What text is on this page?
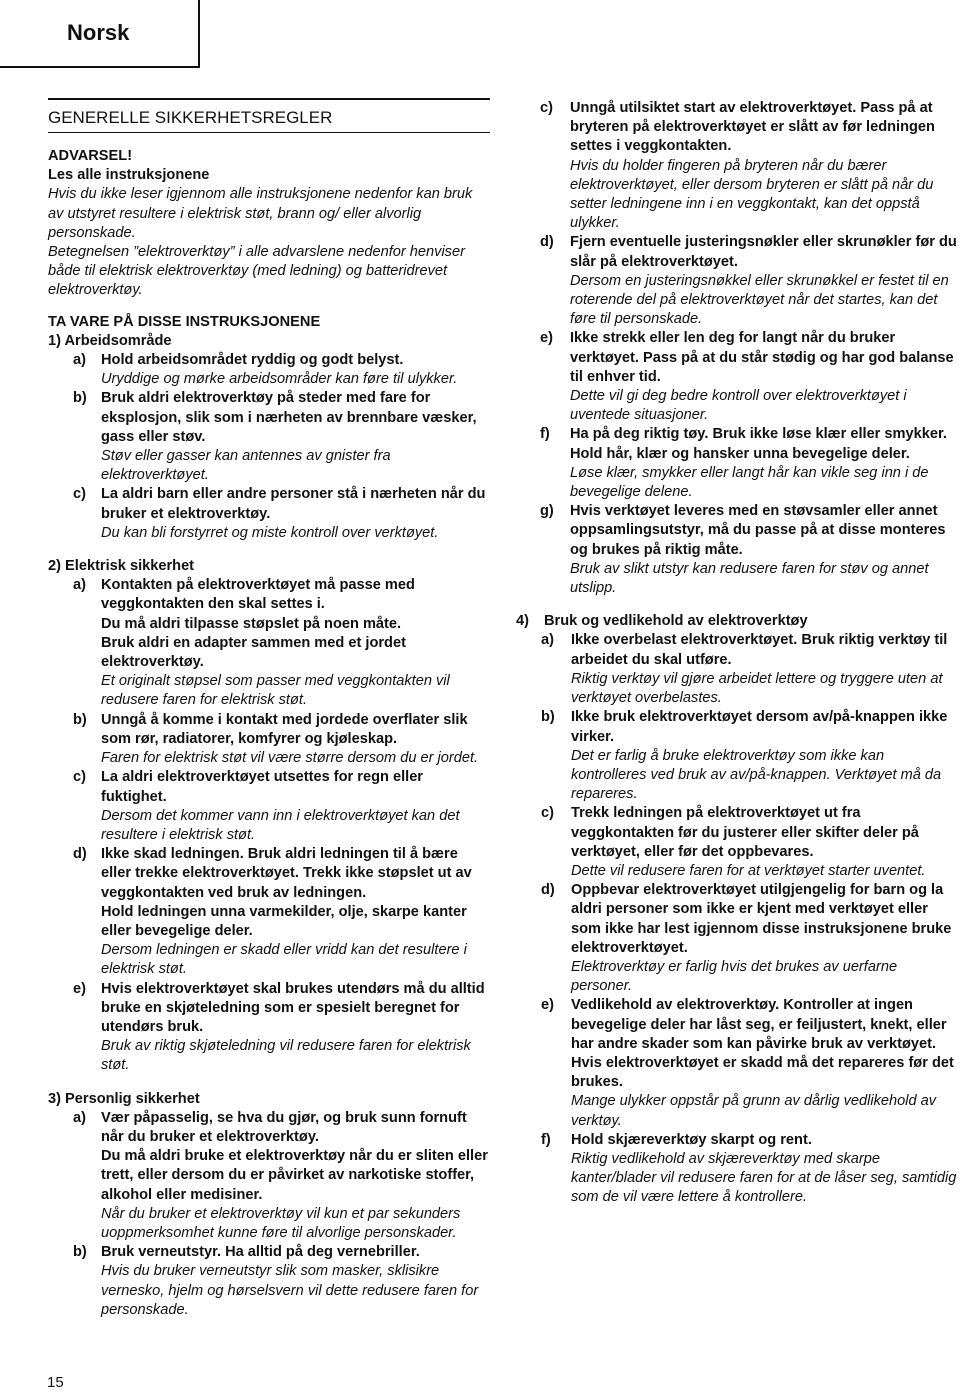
Norsk
GENERELLE SIKKERHETSREGLER

ADVARSEL!

Les alle instruksjonene

Hvis du ikke leser igjennom alle instruksjonene nedenfor kan bruk av utstyret resultere i elektrisk støt, brann og/ eller alvorlig personskade.

Betegnelsen ”elektroverktøy” i alle advarslene nedenfor henviser både til elektrisk elektroverktøy (med ledning) og batteridrevet elektroverktøy.

TA VARE PÅ DISSE INSTRUKSJONENE

1) Arbeidsområde

a) Hold arbeidsområdet ryddig og godt belyst.

Uryddige og mørke arbeidsområder kan føre til ulykker.

b) Bruk aldri elektroverktøy på steder med fare for eksplosjon, slik som i nærheten av brennbare væsker, gass eller støv.

Støv eller gasser kan antennes av gnister fra elektroverktøyet.

c) La aldri barn eller andre personer stå i nærheten når du bruker et elektroverktøy.

Du kan bli forstyrret og miste kontroll over verktøyet.

2) Elektrisk sikkerhet

a) Kontakten på elektroverktøyet må passe med veggkontakten den skal settes i.

Du må aldri tilpasse støpslet på noen måte.

Bruk aldri en adapter sammen med et jordet elektroverktøy.

Et originalt støpsel som passer med veggkontakten vil redusere faren for elektrisk støt.

b) Unngå å komme i kontakt med jordede overflater slik som rør, radiatorer, komfyrer og kjøleskap.

Faren for elektrisk støt vil være større dersom du er jordet.

c) La aldri elektroverktøyet utsettes for regn eller fuktighet.

Dersom det kommer vann inn i elektroverktøyet kan det resultere i elektrisk støt.

d) Ikke skad ledningen. Bruk aldri ledningen til å bære eller trekke elektroverktøyet. Trekk ikke støpslet ut av veggkontakten ved bruk av ledningen.

Hold ledningen unna varmekilder, olje, skarpe kanter eller bevegelige deler.

Dersom ledningen er skadd eller vridd kan det resultere i elektrisk støt.

e) Hvis elektroverktøyet skal brukes utendørs må du alltid bruke en skjøteledning som er spesielt beregnet for utendørs bruk.

Bruk av riktig skjøteledning vil redusere faren for elektrisk støt.

3) Personlig sikkerhet

a) Vær påpasselig, se hva du gjør, og bruk sunn fornuft når du bruker et elektroverktøy.

Du må aldri bruke et elektroverktøy når du er sliten eller trett, eller dersom du er påvirket av narkotiske stoffer, alkohol eller medisiner.

Når du bruker et elektroverktøy vil kun et par sekunders uoppmerksomhet kunne føre til alvorlige personskader.

b) Bruk verneutstyr. Ha alltid på deg vernebriller.

Hvis du bruker verneutstyr slik som masker, sklisikre vernesko, hjelm og hørselsvern vil dette redusere faren for personskade.

c) Unngå utilsiktet start av elektroverktøyet. Pass på at bryteren på elektroverktøyet er slått av før ledningen settes i veggkontakten.

Hvis du holder fingeren på bryteren når du bærer elektroverktøyet, eller dersom bryteren er slått på når du setter ledningene inn i en veggkontakt, kan det oppstå ulykker.

d) Fjern eventuelle justeringsnøkler eller skrunøkler før du slår på elektroverktøyet.

Dersom en justeringsnøkkel eller skrunøkkel er festet til en roterende del på elektroverktøyet når det startes, kan det føre til personskade.

e) Ikke strekk eller len deg for langt når du bruker verktøyet. Pass på at du står stødig og har god balanse til enhver tid.

Dette vil gi deg bedre kontroll over elektroverktøyet i uventede situasjoner.

f) Ha på deg riktig tøy. Bruk ikke løse klær eller smykker. Hold hår, klær og hansker unna bevegelige deler.

Løse klær, smykker eller langt hår kan vikle seg inn i de bevegelige delene.

g) Hvis verktøyet leveres med en støvsamler eller annet oppsamlingsutstyr, må du passe på at disse monteres og brukes på riktig måte.

Bruk av slikt utstyr kan redusere faren for støv og annet utslipp.

4) Bruk og vedlikehold av elektroverktøy
a) Ikke overbelast elektroverktøyet. Bruk riktig verktøy til arbeidet du skal utføre.

Riktig verktøy vil gjøre arbeidet lettere og tryggere uten at verktøyet overbelastes.

b) Ikke bruk elektroverktøyet dersom av/på-knappen ikke virker.

Det er farlig å bruke elektroverktøy som ikke kan kontrolleres ved bruk av av/på-knappen. Verktøyet må da repareres.

c) Trekk ledningen på elektroverktøyet ut fra veggkontakten før du justerer eller skifter deler på verktøyet, eller før det oppbevares.

Dette vil redusere faren for at verktøyet starter uventet.

d) Oppbevar elektroverktøyet utilgjengelig for barn og la aldri personer som ikke er kjent med verktøyet eller som ikke har lest igjennom disse instruksjonene bruke elektroverktøyet.

Elektroverktøy er farlig hvis det brukes av uerfarne personer.

e) Vedlikehold av elektroverktøy. Kontroller at ingen bevegelige deler har låst seg, er feiljustert, knekt, eller har andre skader som kan påvirke bruk av verktøyet.

Hvis elektroverktøyet er skadd må det repareres før det brukes.

Mange ulykker oppstår på grunn av dårlig vedlikehold av verktøy.

f) Hold skjæreverktøy skarpt og rent.

Riktig vedlikehold av skjæreverktøy med skarpe kanter/blader vil redusere faren for at de låser seg, samtidig som de vil være lettere å kontrollere.

15
